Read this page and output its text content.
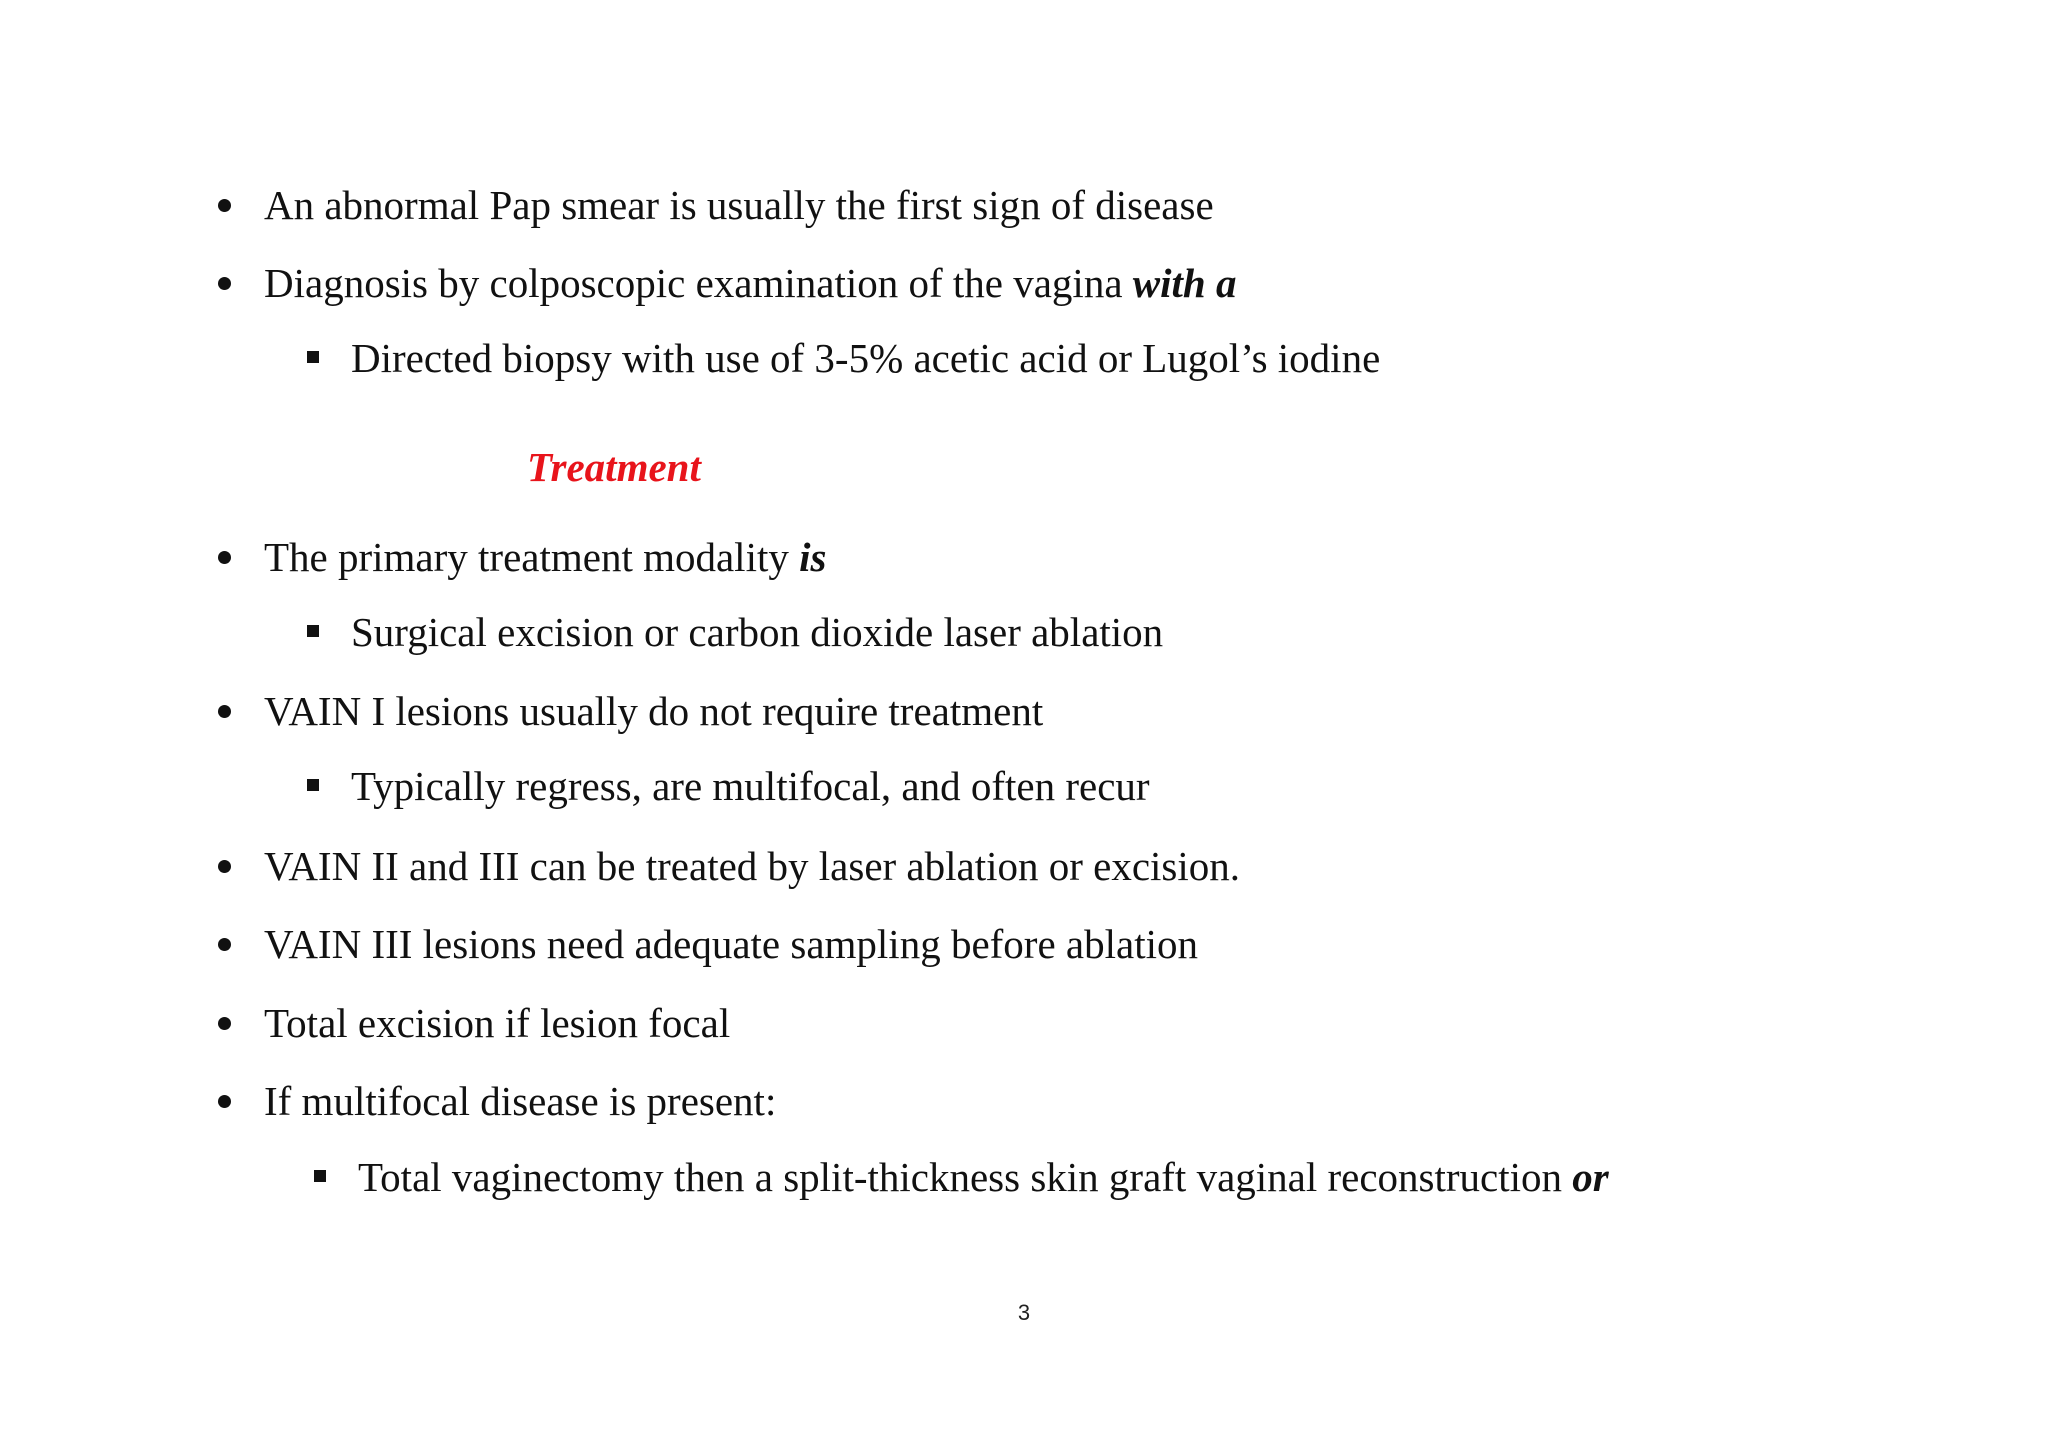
An abnormal Pap smear is usually the first sign of disease
Diagnosis by colposcopic examination of the vagina with a
Directed biopsy with use of 3-5% acetic acid or Lugol’s iodine
Treatment
The primary treatment modality is
Surgical excision or carbon dioxide laser ablation
VAIN I lesions usually do not require treatment
Typically regress, are multifocal, and often recur
VAIN II and III can be treated by laser ablation or excision.
VAIN III lesions need adequate sampling before ablation
Total excision if lesion focal
If multifocal disease is present:
Total vaginectomy then a split-thickness skin graft vaginal reconstruction or
3
